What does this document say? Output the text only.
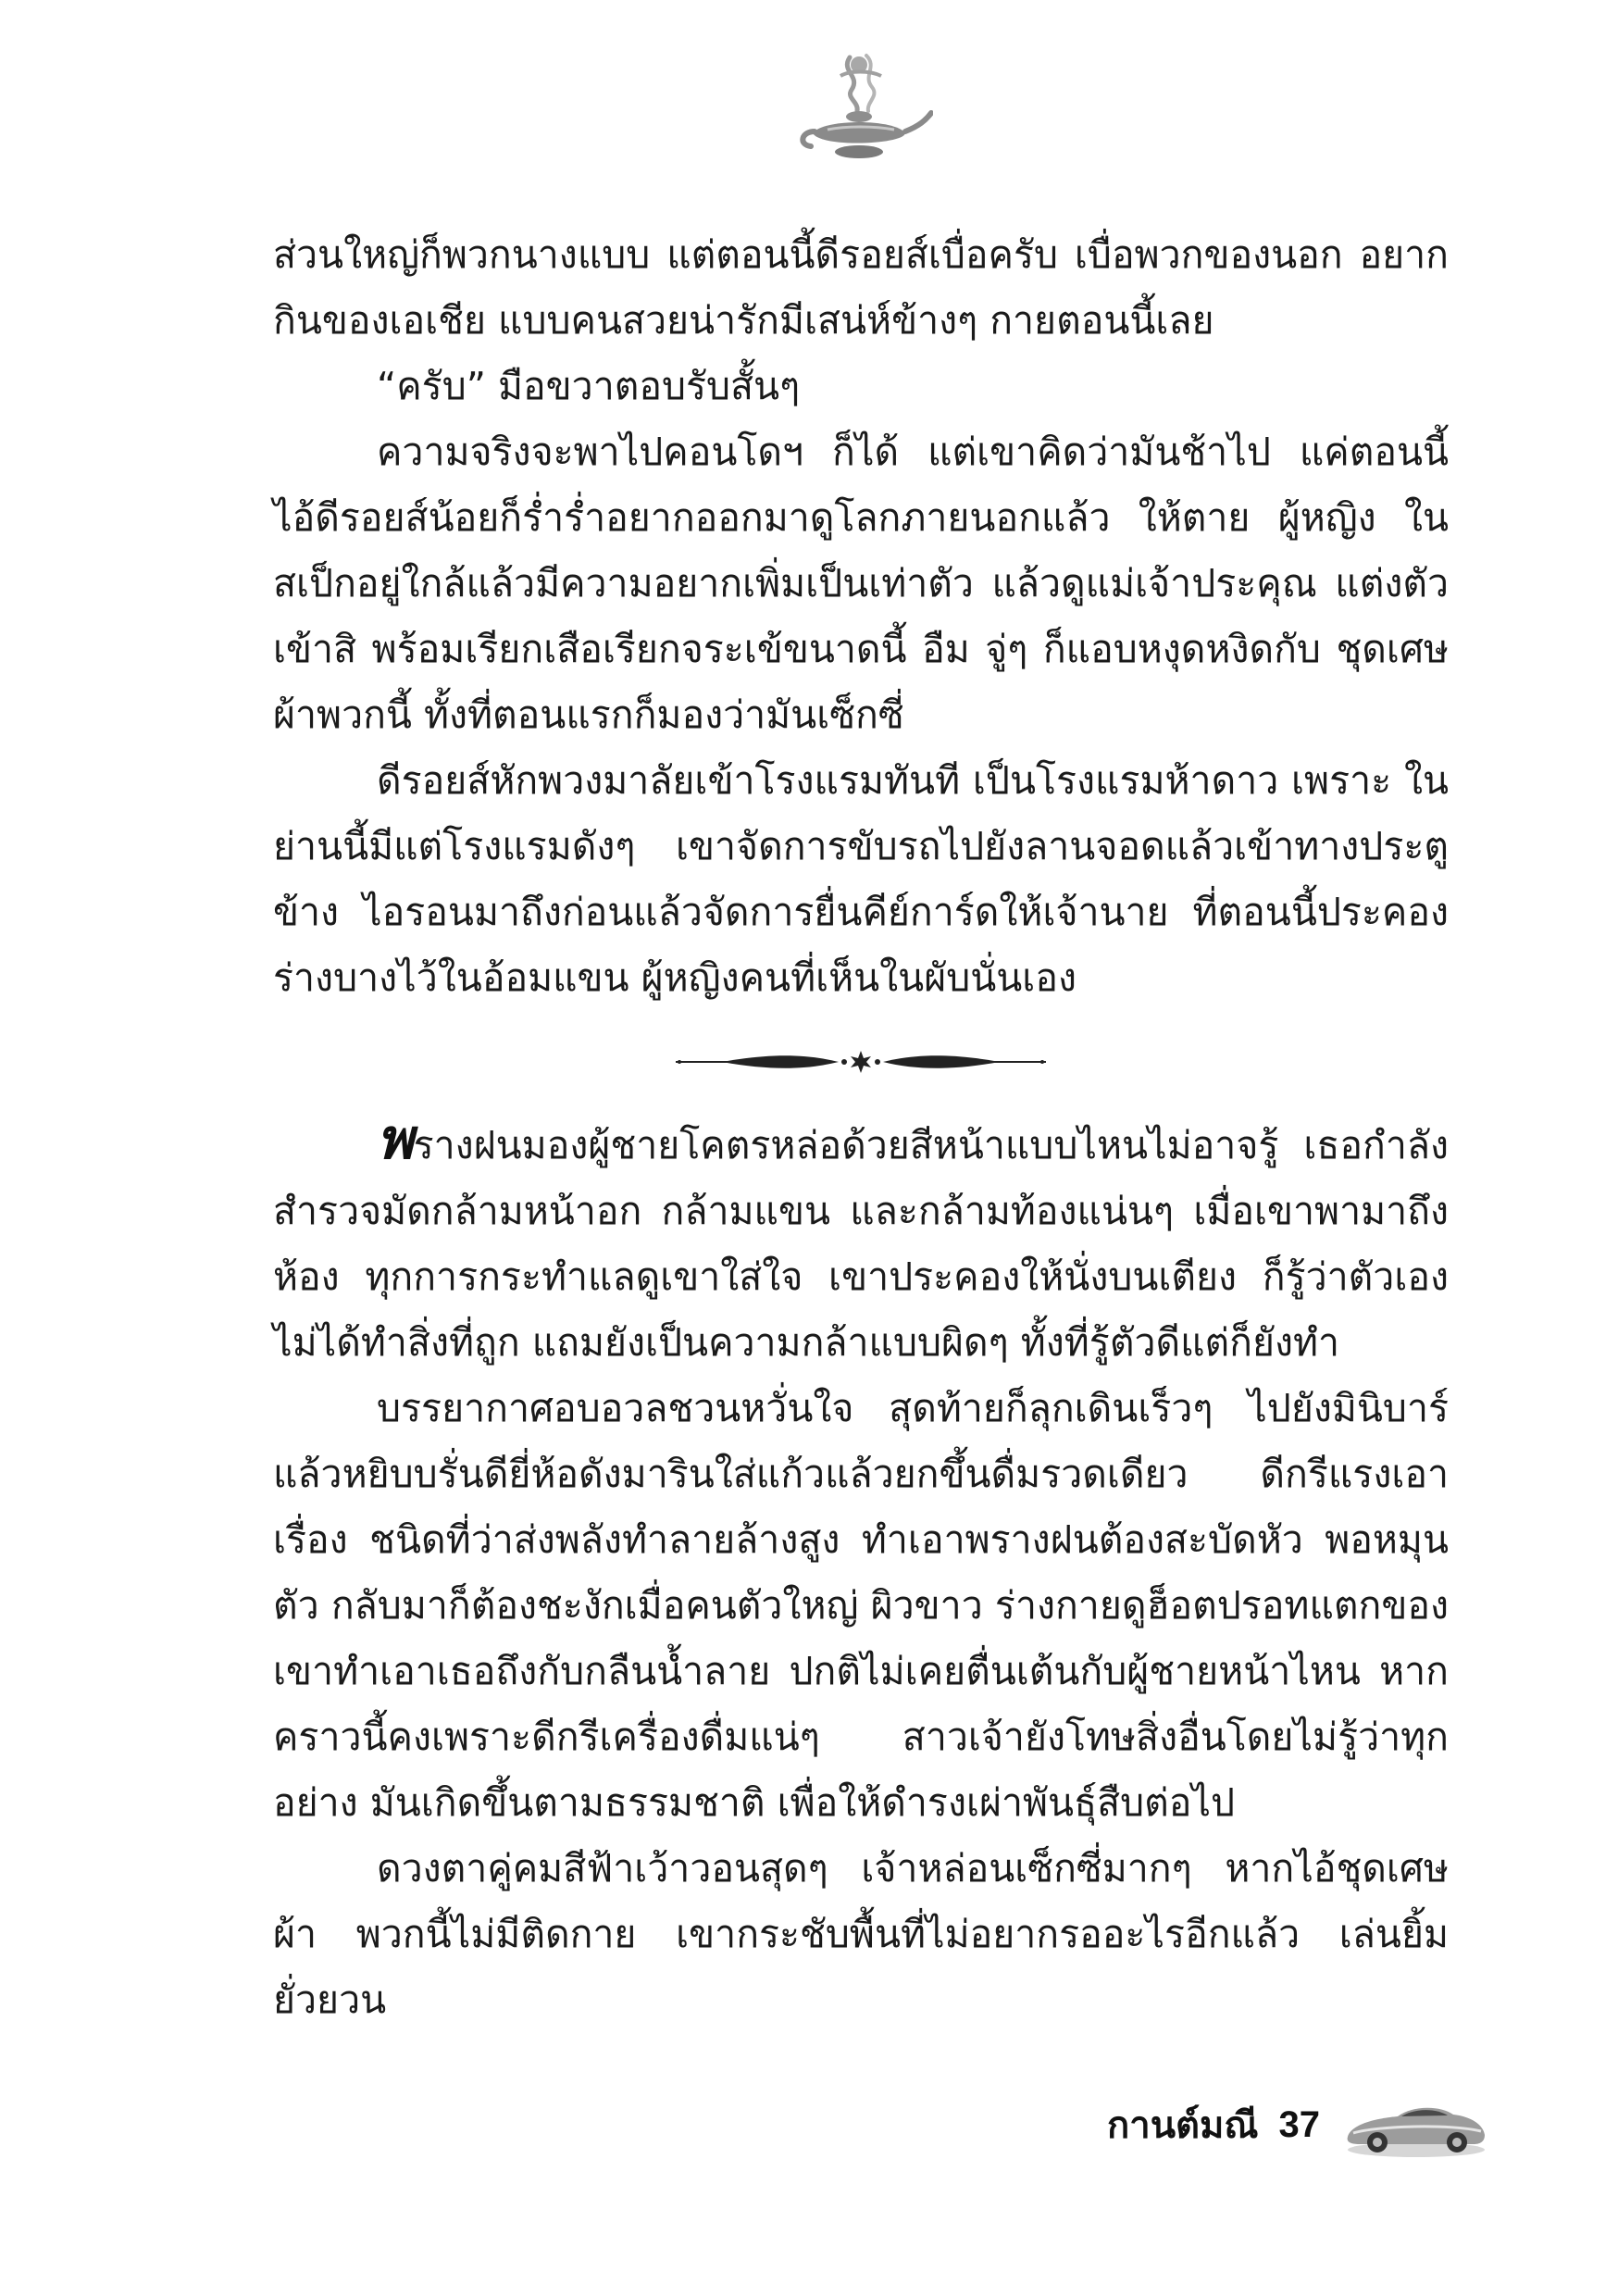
ส่วนใหญ่ก็พวกนางแบบ แต่ตอนนี้ดีรอยส์เบื่อครับ เบื่อพวกของนอก อยากกินของเอเชีย แบบคนสวยน่ารักมีเสน่ห์ข้างๆ กายตอนนี้เลย

“ครับ” มือขวาตอบรับสั้นๆ

ความจริงจะพาไปคอนโดฯ ก็ได้ แต่เขาคิดว่ามันช้าไป แค่ตอนนี้ ไอ้ดีรอยส์น้อยก็ร่ำร่ำอยากออกมาดูโลกภายนอกแล้ว ให้ตาย ผู้หญิง ในสเป็กอยู่ใกล้แล้วมีความอยากเพิ่มเป็นเท่าตัว แล้วดูแม่เจ้าประคุณ แต่งตัวเข้าสิ พร้อมเรียกเสือเรียกจระเข้ขนาดนี้ อืม จู่ๆ ก็แอบหงุดหงิดกับ ชุดเศษผ้าพวกนี้ ทั้งที่ตอนแรกก็มองว่ามันเซ็กซี่

ดีรอยส์หักพวงมาลัยเข้าโรงแรมทันที เป็นโรงแรมห้าดาว เพราะ ในย่านนี้มีแต่โรงแรมดังๆ เขาจัดการขับรถไปยังลานจอดแล้วเข้าทางประตู ข้าง ไอรอนมาถึงก่อนแล้วจัดการยื่นคีย์การ์ดให้เจ้านาย ที่ตอนนี้ประคอง ร่างบางไว้ในอ้อมแขน ผู้หญิงคนที่เห็นในผับนั่นเอง

พรางฝนมองผู้ชายโคตรหล่อด้วยสีหน้าแบบไหนไม่อาจรู้ เธอกำลัง สำรวจมัดกล้ามหน้าอก กล้ามแขน และกล้ามท้องแน่นๆ เมื่อเขาพามาถึง ห้อง ทุกการกระทำแลดูเขาใส่ใจ เขาประคองให้นั่งบนเตียง ก็รู้ว่าตัวเอง ไม่ได้ทำสิ่งที่ถูก แถมยังเป็นความกล้าแบบผิดๆ ทั้งที่รู้ตัวดีแต่ก็ยังทำ

บรรยากาศอบอวลชวนหวั่นใจ สุดท้ายก็ลุกเดินเร็วๆ ไปยังมินิบาร์ แล้วหยิบบรั่นดียี่ห้อดังมารินใส่แก้วแล้วยกขึ้นดื่มรวดเดียว ดีกรีแรงเอาเรื่อง ชนิดที่ว่าส่งพลังทำลายล้างสูง ทำเอาพรางฝนต้องสะบัดหัว พอหมุนตัว กลับมาก็ต้องชะงักเมื่อคนตัวใหญ่ ผิวขาว ร่างกายดูฮ็อตปรอทแตกของ เขาทำเอาเธอถึงกับกลืนน้ำลาย ปกติไม่เคยตื่นเต้นกับผู้ชายหน้าไหน หาก คราวนี้คงเพราะดีกรีเครื่องดื่มแน่ๆ สาวเจ้ายังโทษสิ่งอื่นโดยไม่รู้ว่าทุกอย่าง มันเกิดขึ้นตามธรรมชาติ เพื่อให้ดำรงเผ่าพันธุ์สืบต่อไป

ดวงตาคู่คมสีฟ้าเว้าวอนสุดๆ เจ้าหล่อนเซ็กซี่มากๆ หากไอ้ชุดเศษผ้า พวกนี้ไม่มีติดกาย เขากระชับพื้นที่ไม่อยากรออะไรอีกแล้ว เล่นยิ้มยั่วยวน

กานต์มณี 37
